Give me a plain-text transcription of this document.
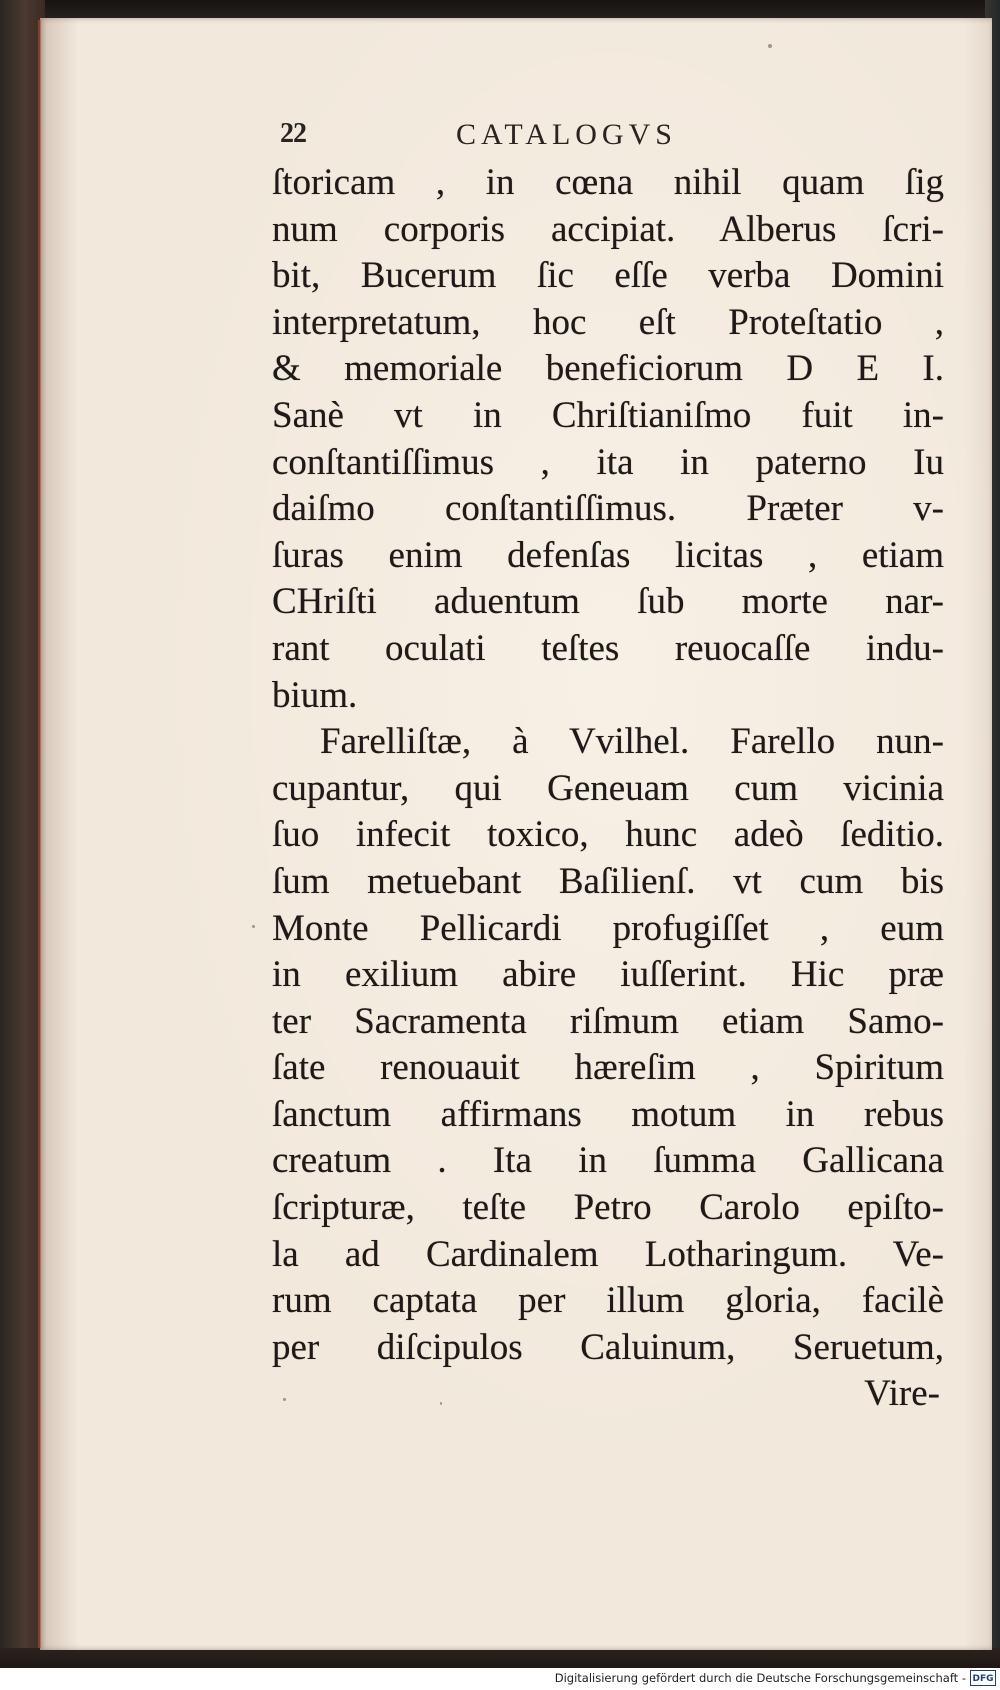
22	CATALOGVS
ſtoricam , in cœna nihil quam ſig
num corporis accipiat. Alberus ſcri-
bit, Bucerum ſic eſſe verba Domini
interpretatum, hoc eſt Proteſtatio ,
& memoriale beneficiorum D E I.
Sanè vt in Chriſtianiſmo fuit in-
conſtantiſſimus , ita in paterno Iu
daiſmo conſtantiſſimus. Præter v-
ſuras enim defenſas licitas , etiam
CHriſti aduentum ſub morte nar-
rant oculati teſtes reuocaſſe indu-
bium.
Farelliſtæ, à Vvilhel. Farello nun-
cupantur, qui Geneuam cum vicinia
ſuo infecit toxico, hunc adeò ſeditio.
ſum metuebant Baſilienſ. vt cum bis
Monte Pellicardi profugiſſet , eum
in exilium abire iuſſerint. Hic præ
ter Sacramenta riſmum etiam Samo-
ſate renouauit hæreſim , Spiritum
ſanctum affirmans motum in rebus
creatum . Ita in ſumma Gallicana
ſcripturæ, teſte Petro Carolo epiſto-
la ad Cardinalem Lotharingum. Ve-
rum captata per illum gloria, facilè
per diſcipulos Caluinum, Seruetum,
Vire-
Digitalisierung gefördert durch die Deutsche Forschungsgemeinschaft - DFG
